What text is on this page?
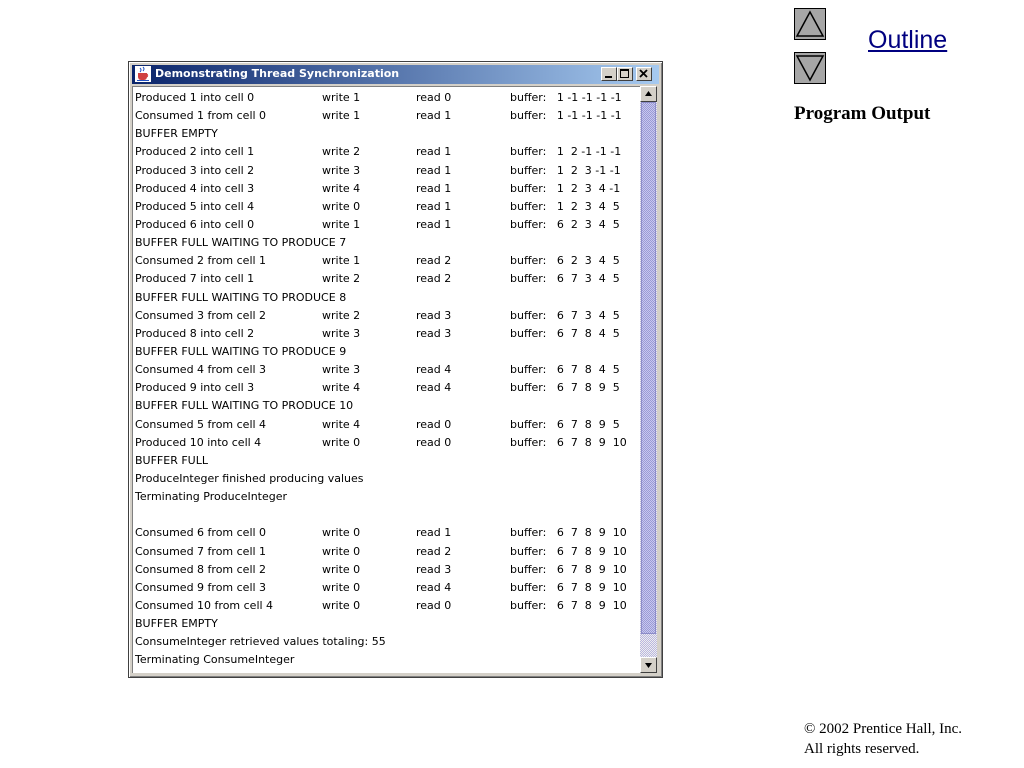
Outline
Program Output
© 2002 Prentice Hall, Inc.
All rights reserved.
Demonstrating Thread Synchronization
Produced 1 into cell 0	write 1	read 0	buffer:   1 -1 -1 -1 -1
Consumed 1 from cell 0	write 1	read 1	buffer:   1 -1 -1 -1 -1
BUFFER EMPTY
Produced 2 into cell 1	write 2	read 1	buffer:   1  2 -1 -1 -1
Produced 3 into cell 2	write 3	read 1	buffer:   1  2  3 -1 -1
Produced 4 into cell 3	write 4	read 1	buffer:   1  2  3  4 -1
Produced 5 into cell 4	write 0	read 1	buffer:   1  2  3  4  5
Produced 6 into cell 0	write 1	read 1	buffer:   6  2  3  4  5
BUFFER FULL WAITING TO PRODUCE 7
Consumed 2 from cell 1	write 1	read 2	buffer:   6  2  3  4  5
Produced 7 into cell 1	write 2	read 2	buffer:   6  7  3  4  5
BUFFER FULL WAITING TO PRODUCE 8
Consumed 3 from cell 2	write 2	read 3	buffer:   6  7  3  4  5
Produced 8 into cell 2	write 3	read 3	buffer:   6  7  8  4  5
BUFFER FULL WAITING TO PRODUCE 9
Consumed 4 from cell 3	write 3	read 4	buffer:   6  7  8  4  5
Produced 9 into cell 3	write 4	read 4	buffer:   6  7  8  9  5
BUFFER FULL WAITING TO PRODUCE 10
Consumed 5 from cell 4	write 4	read 0	buffer:   6  7  8  9  5
Produced 10 into cell 4	write 0	read 0	buffer:   6  7  8  9  10
BUFFER FULL
ProduceInteger finished producing values
Terminating ProduceInteger
Consumed 6 from cell 0	write 0	read 1	buffer:   6  7  8  9  10
Consumed 7 from cell 1	write 0	read 2	buffer:   6  7  8  9  10
Consumed 8 from cell 2	write 0	read 3	buffer:   6  7  8  9  10
Consumed 9 from cell 3	write 0	read 4	buffer:   6  7  8  9  10
Consumed 10 from cell 4	write 0	read 0	buffer:   6  7  8  9  10
BUFFER EMPTY
ConsumeInteger retrieved values totaling: 55
Terminating ConsumeInteger
